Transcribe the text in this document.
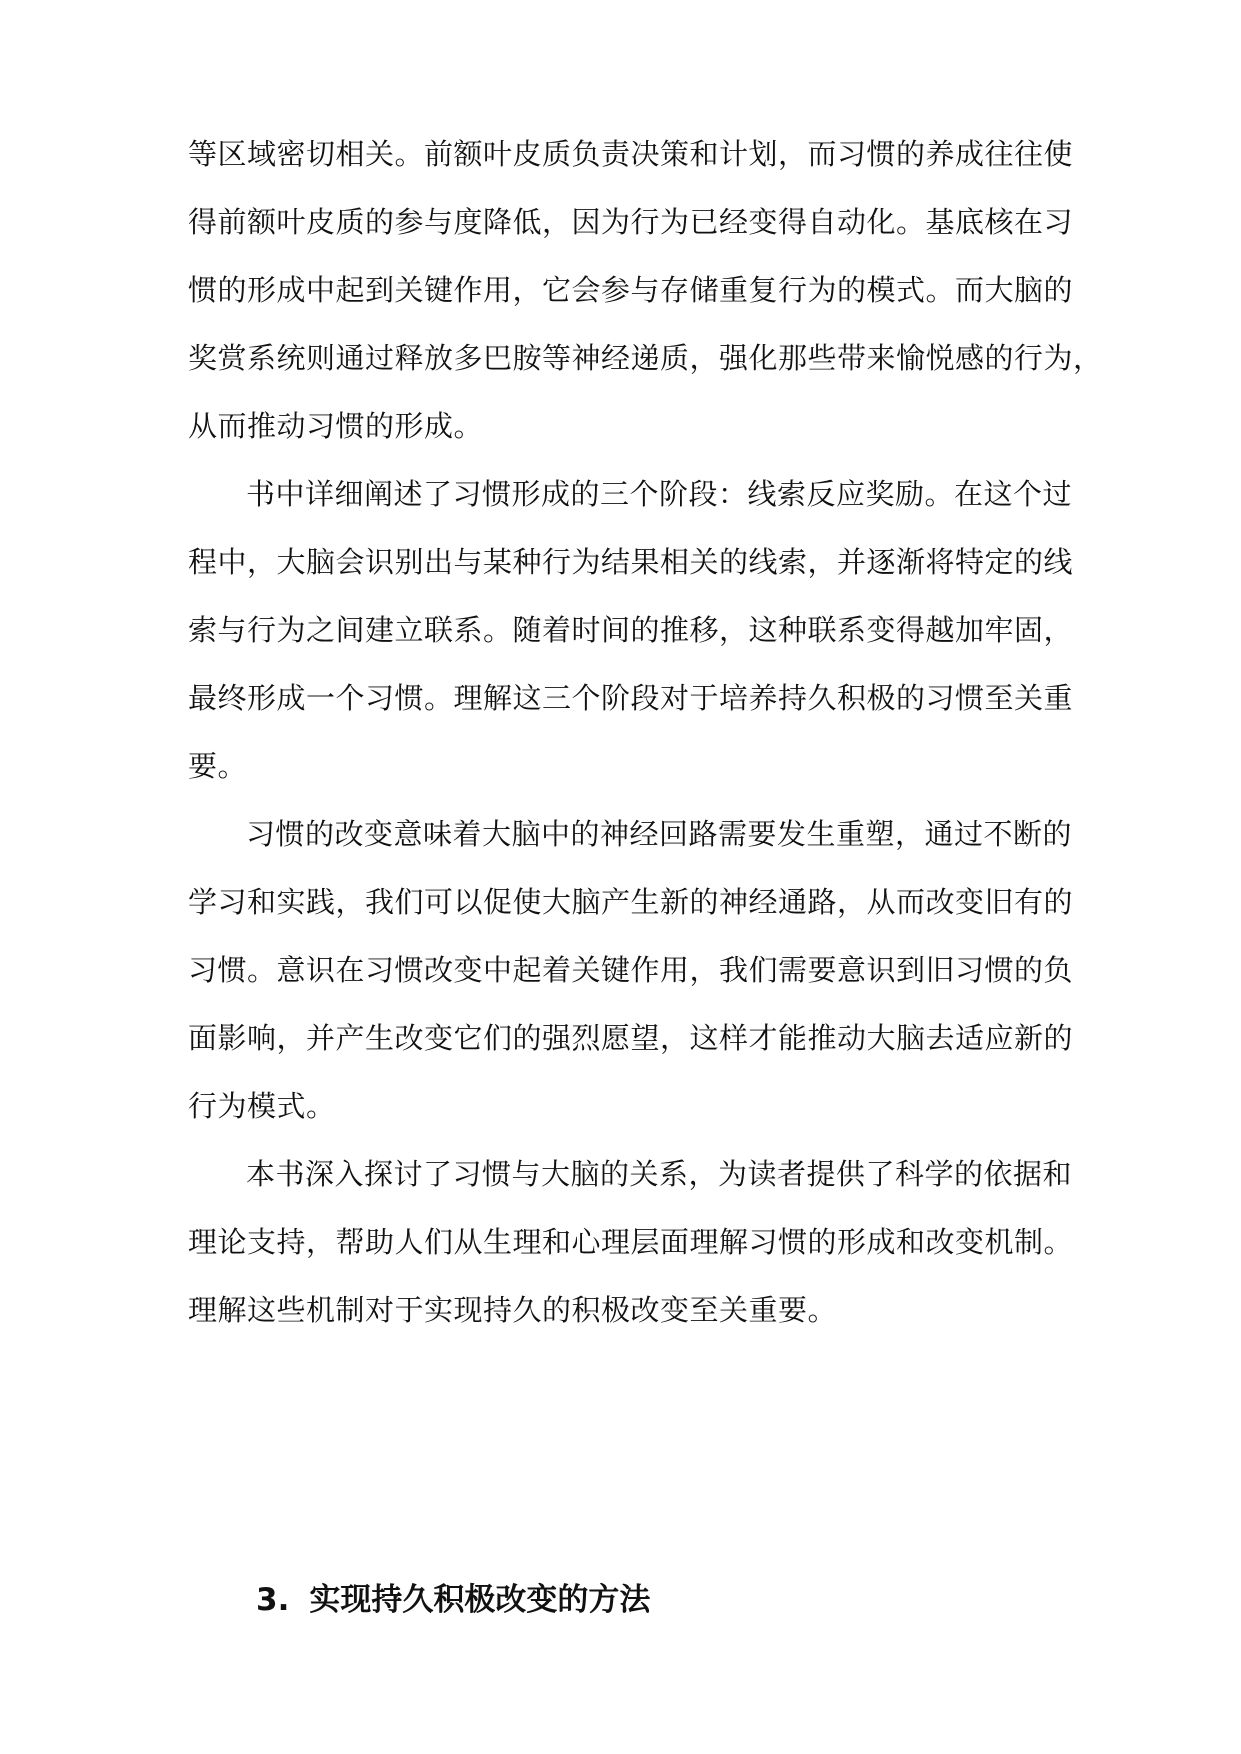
等区域密切相关。前额叶皮质负责决策和计划，而习惯的养成往往使
得前额叶皮质的参与度降低，因为行为已经变得自动化。基底核在习
惯的形成中起到关键作用，它会参与存储重复行为的模式。而大脑的
奖赏系统则通过释放多巴胺等神经递质，强化那些带来愉悦感的行为，
从而推动习惯的形成。
书中详细阐述了习惯形成的三个阶段：线索反应奖励。在这个过
程中，大脑会识别出与某种行为结果相关的线索，并逐渐将特定的线
索与行为之间建立联系。随着时间的推移，这种联系变得越加牢固，
最终形成一个习惯。理解这三个阶段对于培养持久积极的习惯至关重
要。
习惯的改变意味着大脑中的神经回路需要发生重塑，通过不断的
学习和实践，我们可以促使大脑产生新的神经通路，从而改变旧有的
习惯。意识在习惯改变中起着关键作用，我们需要意识到旧习惯的负
面影响，并产生改变它们的强烈愿望，这样才能推动大脑去适应新的
行为模式。
本书深入探讨了习惯与大脑的关系，为读者提供了科学的依据和
理论支持，帮助人们从生理和心理层面理解习惯的形成和改变机制。
理解这些机制对于实现持久的积极改变至关重要。
3. 实现持久积极改变的方法
